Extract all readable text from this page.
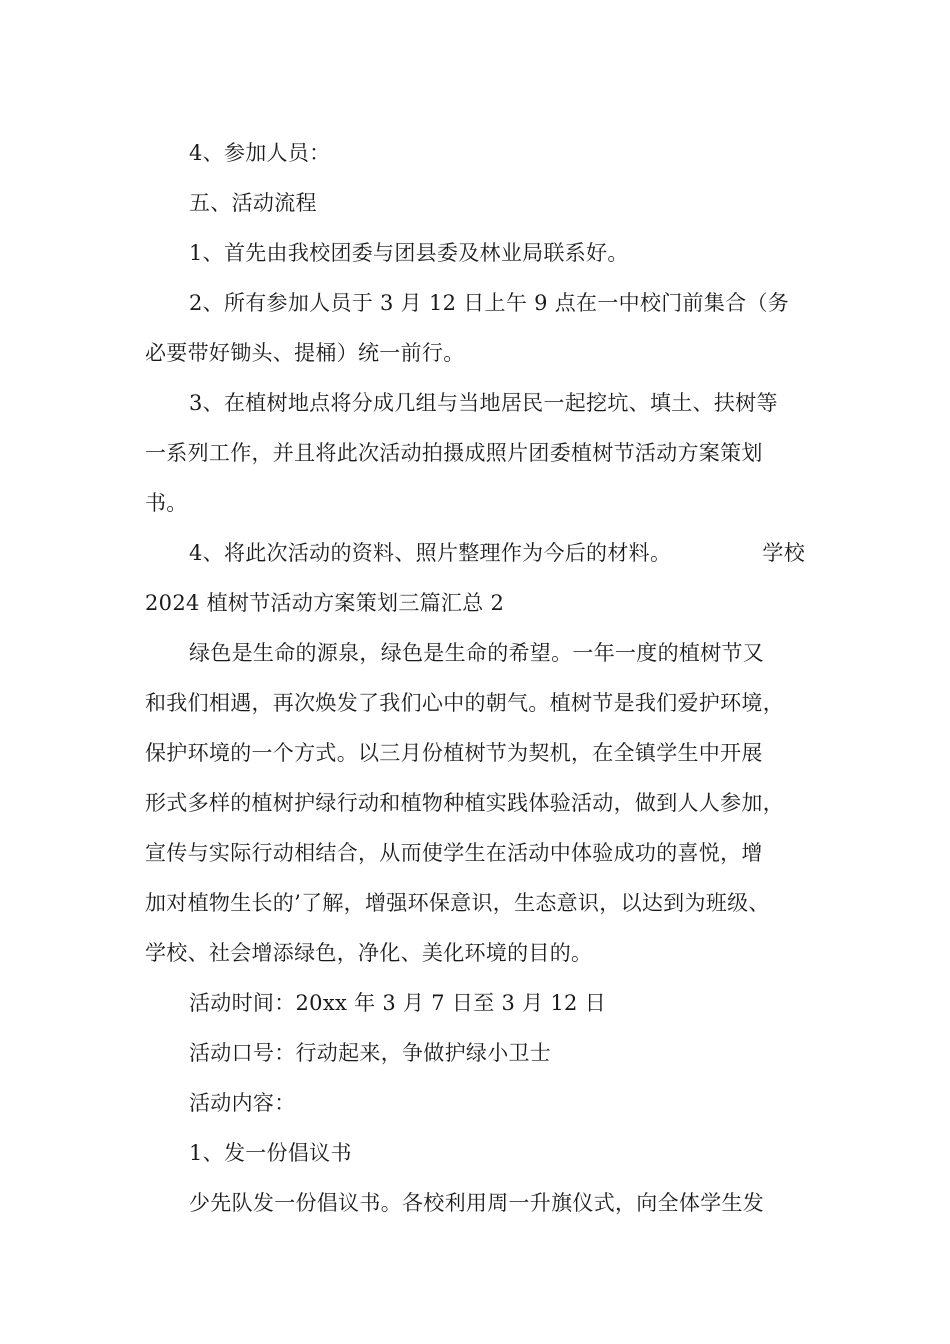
4、参加人员：
五、活动流程
1、首先由我校团委与团县委及林业局联系好。
2、所有参加人员于 3 月 12 日上午 9 点在一中校门前集合（务
必要带好锄头、提桶）统一前行。
3、在植树地点将分成几组与当地居民一起挖坑、填土、扶树等
一系列工作，并且将此次活动拍摄成照片团委植树节活动方案策划
书。
4、将此次活动的资料、照片整理作为今后的材料。	学校
2024 植树节活动方案策划三篇汇总 2
绿色是生命的源泉，绿色是生命的希望。一年一度的植树节又
和我们相遇，再次焕发了我们心中的朝气。植树节是我们爱护环境，
保护环境的一个方式。以三月份植树节为契机，在全镇学生中开展
形式多样的植树护绿行动和植物种植实践体验活动，做到人人参加，
宣传与实际行动相结合，从而使学生在活动中体验成功的喜悦，增
加对植物生长的’了解，增强环保意识，生态意识，以达到为班级、
学校、社会增添绿色，净化、美化环境的目的。
活动时间：20xx 年 3 月 7 日至 3 月 12 日
活动口号：行动起来，争做护绿小卫士
活动内容：
1、发一份倡议书
少先队发一份倡议书。各校利用周一升旗仪式，向全体学生发
